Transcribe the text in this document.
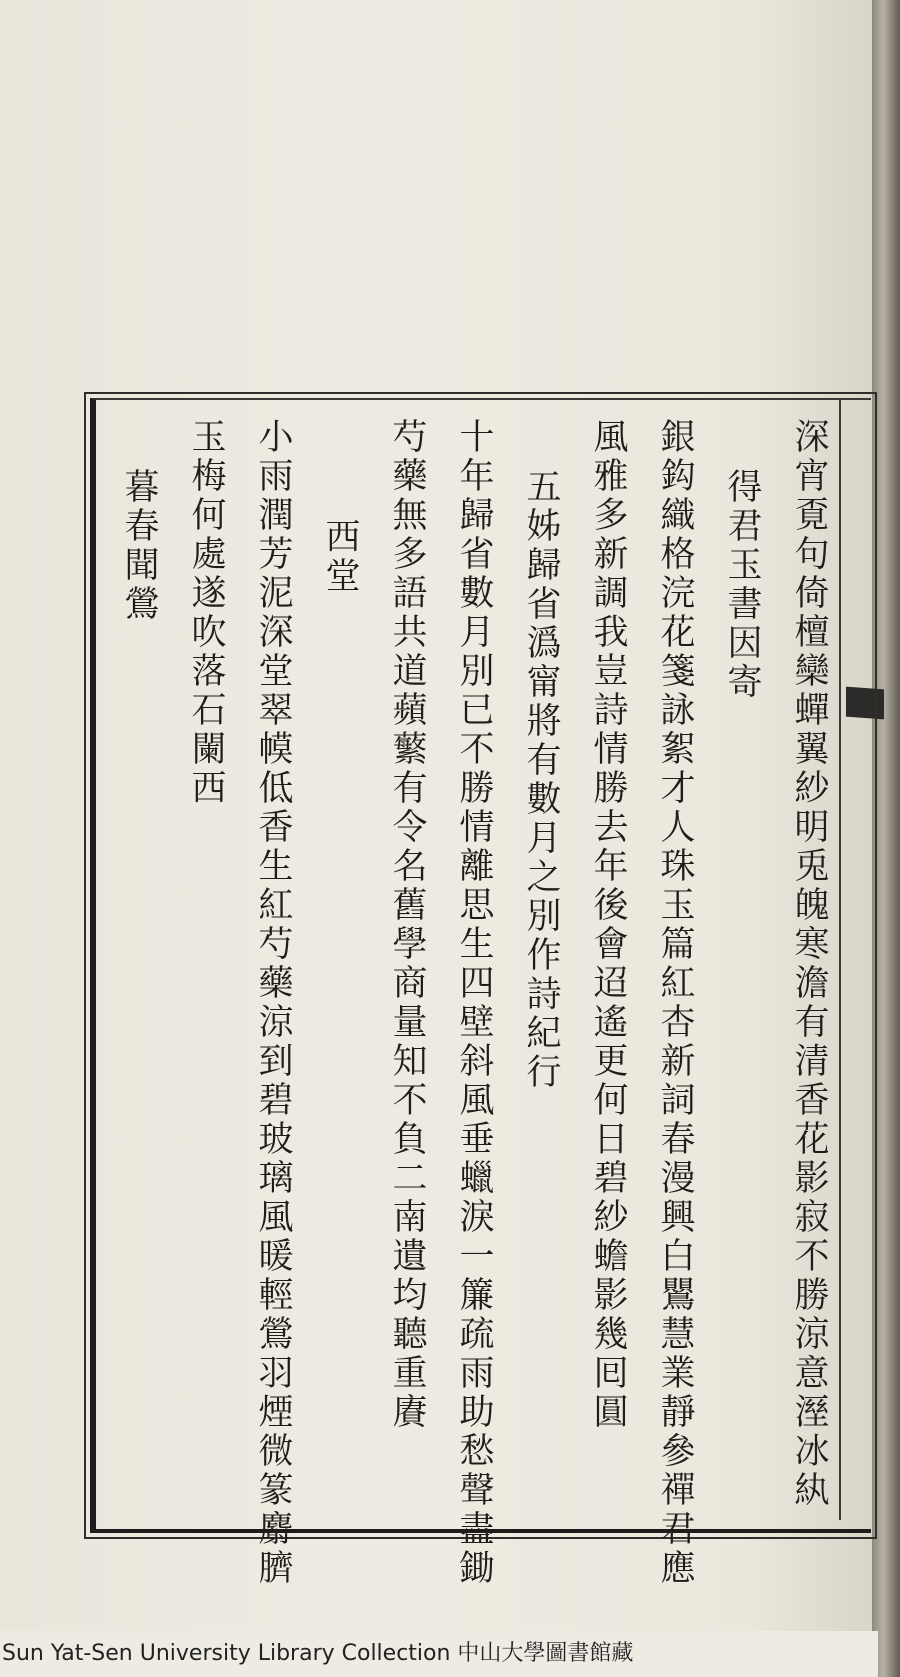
深宵覔句倚檀欒蟬翼紗明兎魄寒澹有清香花影寂不勝涼意溼冰紈
得君玉書因寄
銀鈎織格浣花箋詠絮才人珠玉篇紅杏新詞春漫興白鸎慧業靜參禪君應
風雅多新調我豈詩情勝去年後會迢遙更何日碧紗蟾影幾囘圓
五姊歸省潙甯將有數月之別作詩紀行
十年歸省數月別已不勝情離思生四壁斜風垂蠟淚一簾疏雨助愁聲盡鋤
芍藥無多語共道蘋蘩有令名舊學商量知不負二南遺均聽重賡
西堂
小雨潤芳泥深堂翠幙低香生紅芍藥涼到碧玻璃風暖輕鶯羽煙微篆麝臍
玉梅何處遂吹落石闌西
暮春聞鶯
Sun Yat-Sen University Library Collection 中山大學圖書館藏
